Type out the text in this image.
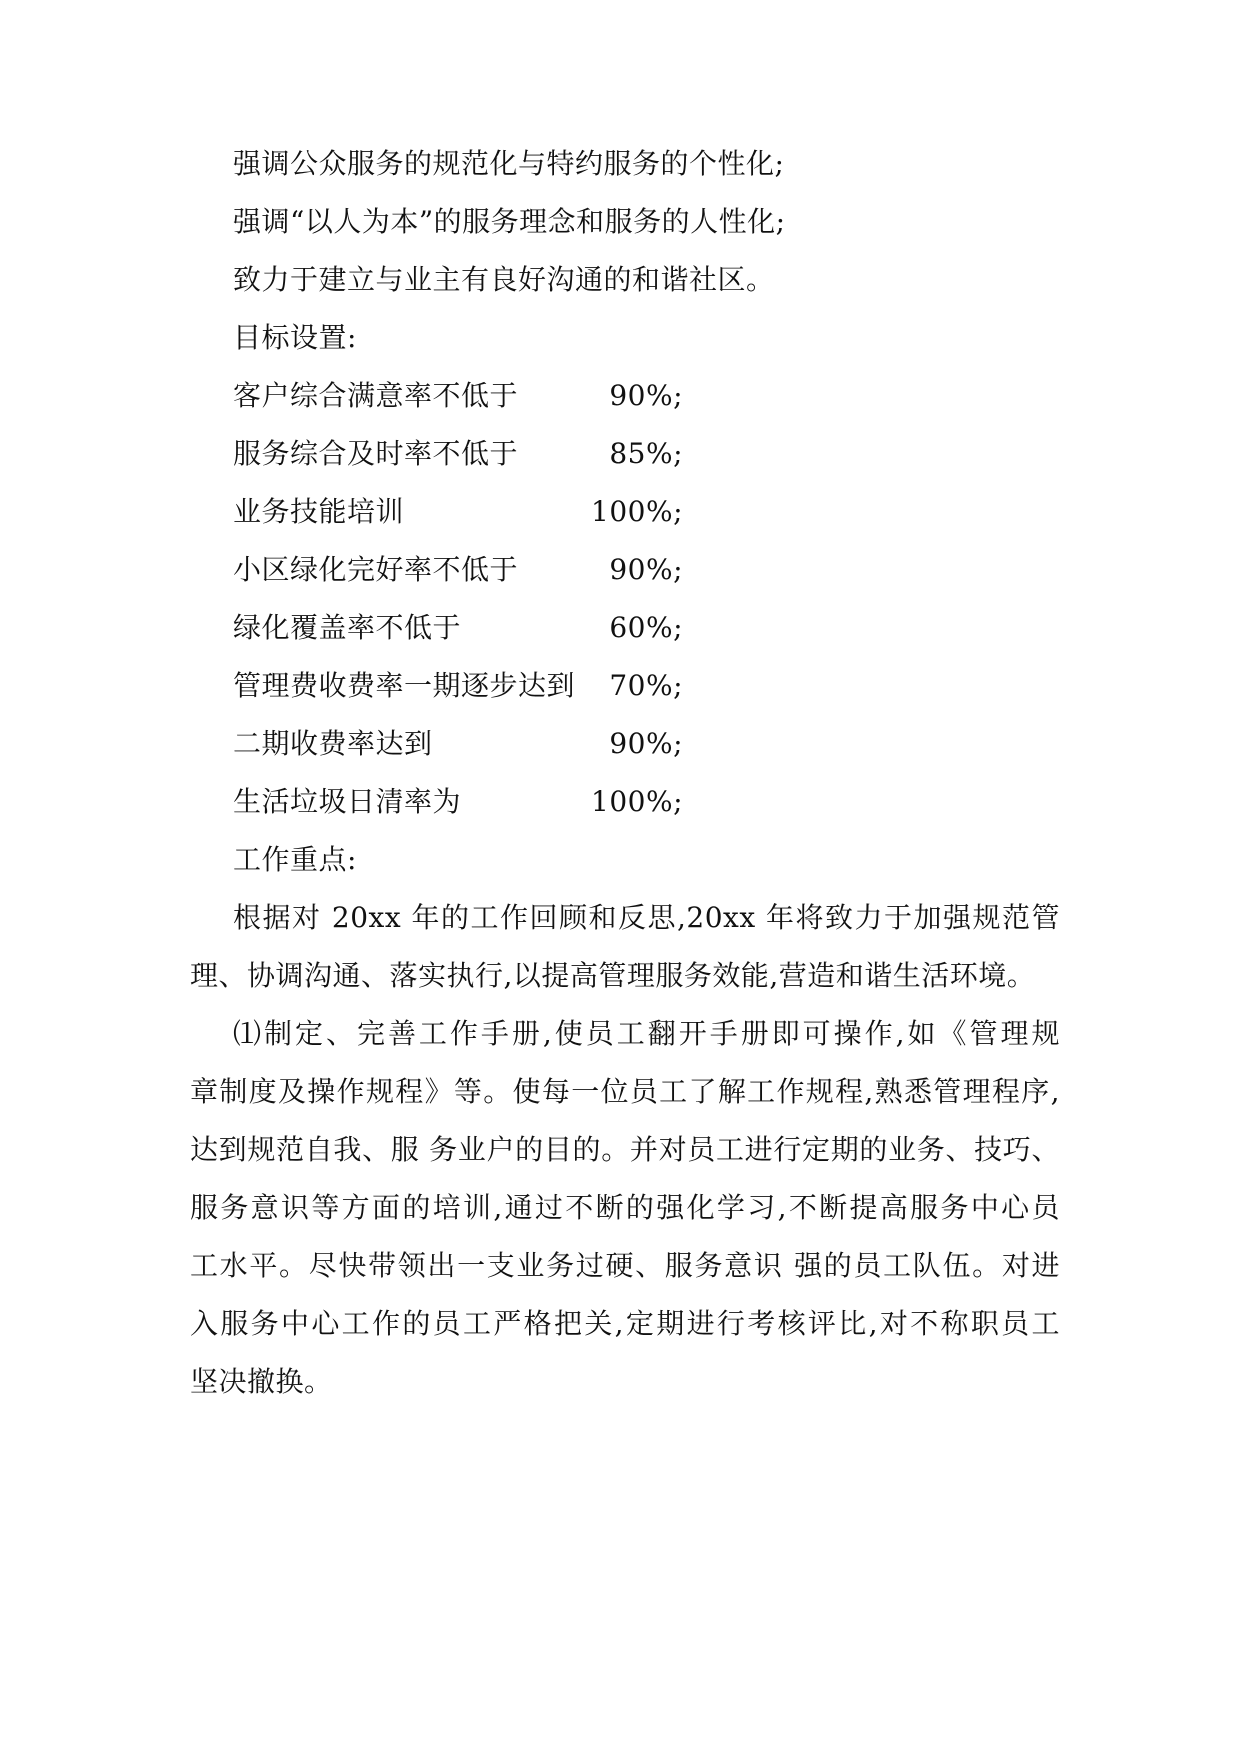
强调公众服务的规范化与特约服务的个性化;
强调“以人为本”的服务理念和服务的人性化;
致力于建立与业主有良好沟通的和谐社区。
目标设置:
客户综合满意率不低于	90%;
服务综合及时率不低于	85%;
业务技能培训	100%;
小区绿化完好率不低于	90%;
绿化覆盖率不低于	60%;
管理费收费率一期逐步达到	70%;
二期收费率达到	90%;
生活垃圾日清率为	100%;
工作重点:
根据对 20xx 年的工作回顾和反思,20xx 年将致力于加强规范管
理、协调沟通、落实执行,以提高管理服务效能,营造和谐生活环境。
⑴制定、完善工作手册,使员工翻开手册即可操作,如《管理规
章制度及操作规程》等。使每一位员工了解工作规程,熟悉管理程序,
达到规范自我、服 务业户的目的。并对员工进行定期的业务、技巧、
服务意识等方面的培训,通过不断的强化学习,不断提高服务中心员
工水平。尽快带领出一支业务过硬、服务意识 强的员工队伍。对进
入服务中心工作的员工严格把关,定期进行考核评比,对不称职员工
坚决撤换。
